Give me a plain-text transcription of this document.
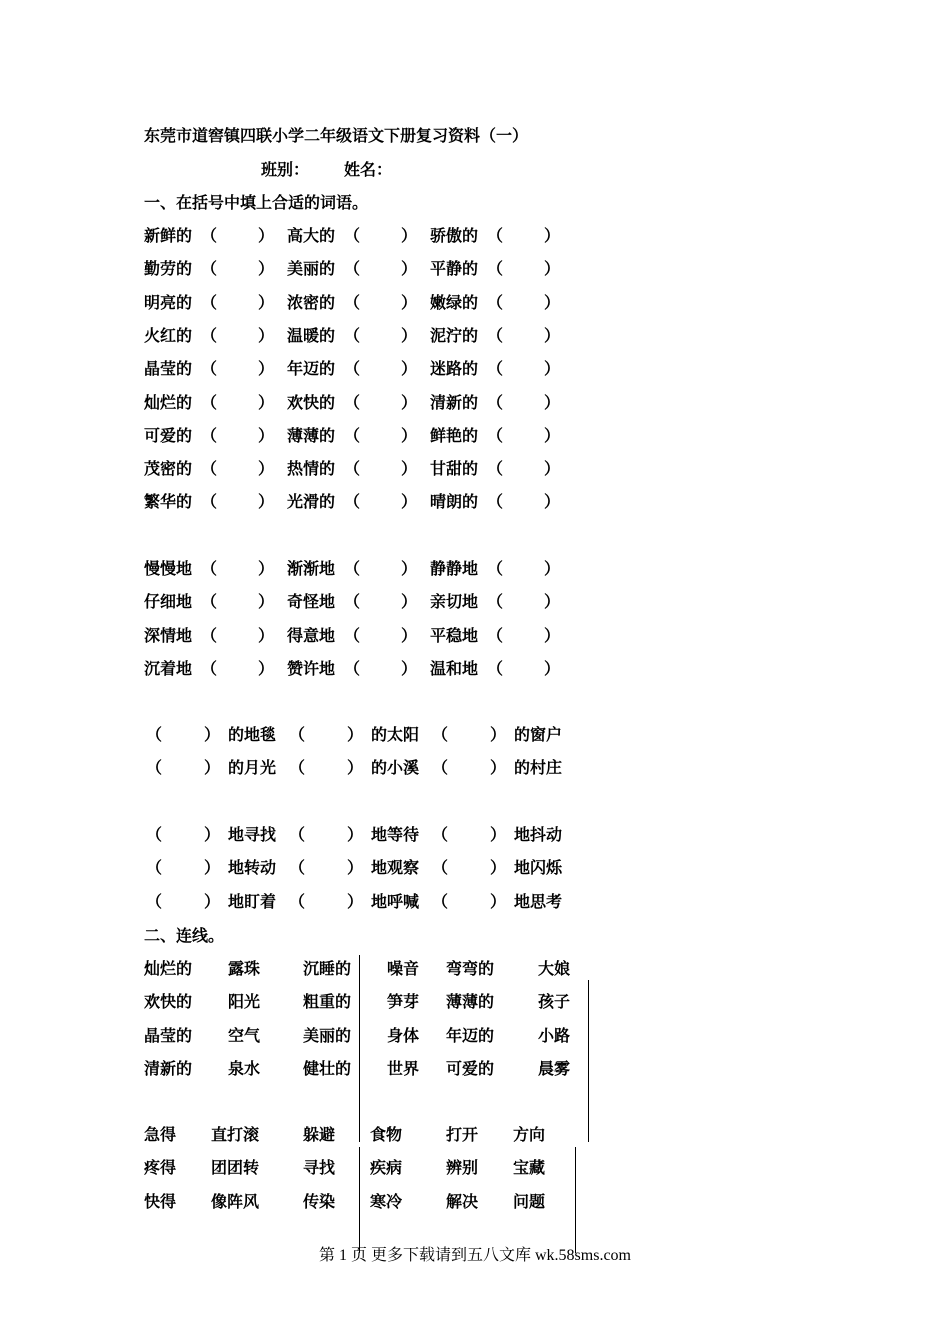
东莞市道窖镇四联小学二年级语文下册复习资料（一）
班别： 姓名：
一、在括号中填上合适的词语。
新鲜的 （	） 高大的 （	） 骄傲的 （	）
勤劳的 （	） 美丽的 （	） 平静的 （	）
明亮的 （	） 浓密的 （	） 嫩绿的 （	）
火红的 （	） 温暖的 （	） 泥泞的 （	）
晶莹的 （	） 年迈的 （	） 迷路的 （	）
灿烂的 （	） 欢快的 （	） 清新的 （	）
可爱的 （	） 薄薄的 （	） 鲜艳的 （	）
茂密的 （	） 热情的 （	） 甘甜的 （	）
繁华的 （	） 光滑的 （	） 晴朗的 （	）
慢慢地 （	） 渐渐地 （	） 静静地 （	）
仔细地 （	） 奇怪地 （	） 亲切地 （	）
深情地 （	） 得意地 （	） 平稳地 （	）
沉着地 （	） 赞许地 （	） 温和地 （	）
（	） 的地毯 （	） 的太阳 （	） 的窗户
（	） 的月光 （	） 的小溪 （	） 的村庄
（	） 地寻找 （	） 地等待 （	） 地抖动
（	） 地转动 （	） 地观察 （	） 地闪烁
（	） 地盯着 （	） 地呼喊 （	） 地思考
二、连线。
灿烂的 露珠	沉睡的 噪音 弯弯的	大娘
欢快的 阳光	粗重的 笋芽 薄薄的	孩子
晶莹的 空气	美丽的 身体 年迈的	小路
清新的 泉水	健壮的 世界 可爱的	晨雾
急得 直打滚	躲避 食物	打开 方向
疼得 团团转	寻找 疾病	辨别 宝藏
快得 像阵风	传染 寒冷	解决 问题
第 1 页 更多下载请到五八文库 wk.58sms.com
